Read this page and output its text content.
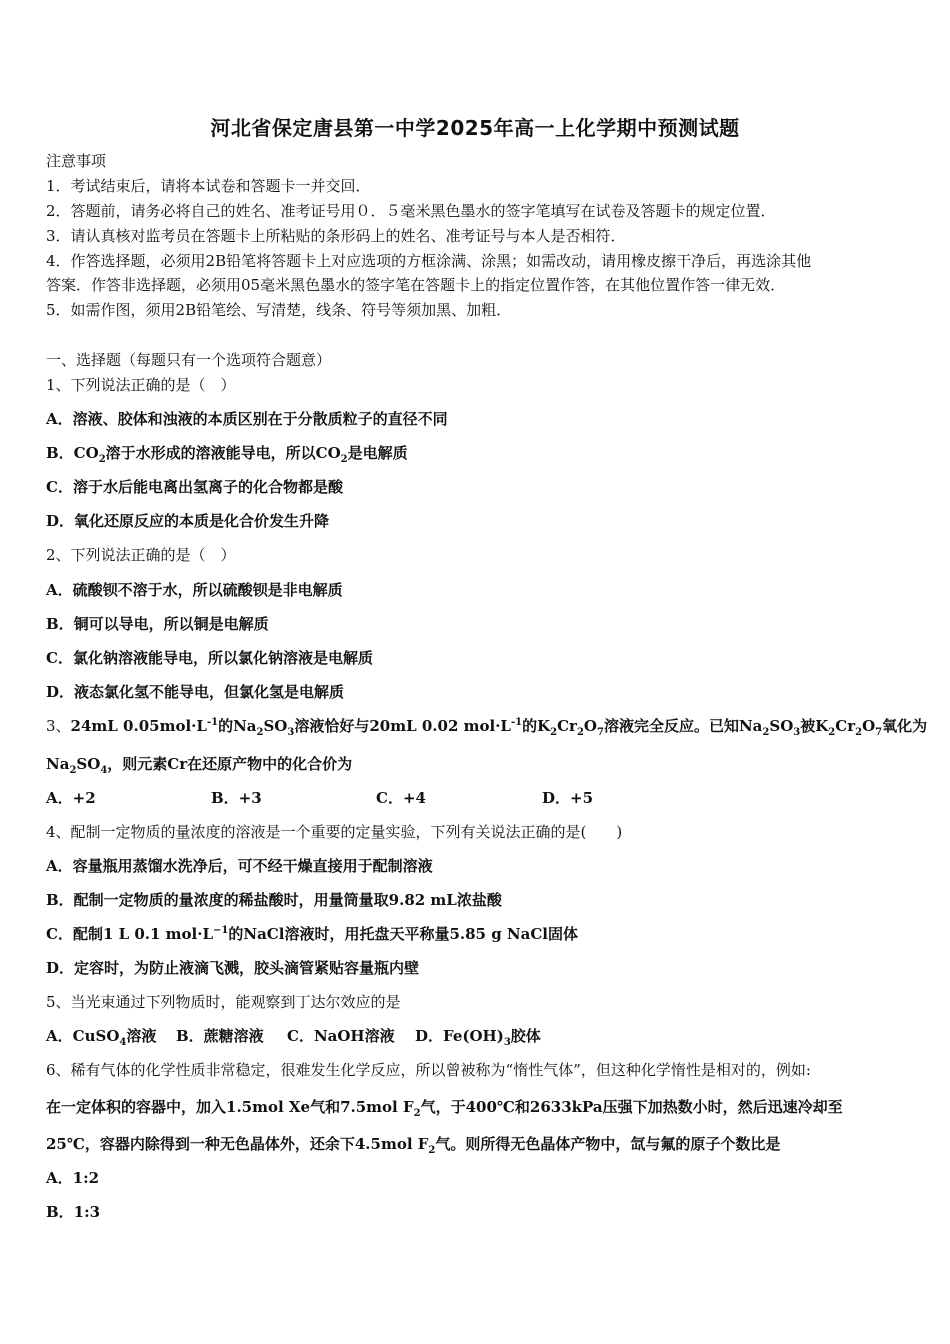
河北省保定唐县第一中学2025年高一上化学期中预测试题
注意事项
1．考试结束后，请将本试卷和答题卡一并交回．
2．答题前，请务必将自己的姓名、准考证号用０．５毫米黑色墨水的签字笔填写在试卷及答题卡的规定位置．
3．请认真核对监考员在答题卡上所粘贴的条形码上的姓名、准考证号与本人是否相符．
4．作答选择题，必须用2B铅笔将答题卡上对应选项的方框涂满、涂黑；如需改动，请用橡皮擦干净后，再选涂其他
答案．作答非选择题，必须用05毫米黑色墨水的签字笔在答题卡上的指定位置作答，在其他位置作答一律无效．
5．如需作图，须用2B铅笔绘、写清楚，线条、符号等须加黑、加粗．
一、选择题（每题只有一个选项符合题意）
1、下列说法正确的是（　）
A．溶液、胶体和浊液的本质区别在于分散质粒子的直径不同
B．$CO_2$溶于水形成的溶液能导电，所以$CO_2$是电解质
C．溶于水后能电离出氢离子的化合物都是酸
D．氧化还原反应的本质是化合价发生升降
2、下列说法正确的是（　）
A．硫酸钡不溶于水，所以硫酸钡是非电解质
B．铜可以导电，所以铜是电解质
C．氯化钠溶液能导电，所以氯化钠溶液是电解质
D．液态氯化氢不能导电，但氯化氢是电解质
3、24mL $0.05mol\cdot L^{-1}$的$Na_2SO_3$溶液恰好与20mL 0.02 $mol\cdot L^{-1}$的$K_2Cr_2O_7$溶液完全反应。已知$Na_2SO_3$被$K_2Cr_2O_7$氧化为
$Na_2SO_4$，则元素Cr在还原产物中的化合价为
A．+2	B．+3	C．+4	D．+5
4、配制一定物质的量浓度的溶液是一个重要的定量实验，下列有关说法正确的是(　　)
A．容量瓶用蒸馏水洗净后，可不经干燥直接用于配制溶液
B．配制一定物质的量浓度的稀盐酸时，用量筒量取9.82 mL浓盐酸
C．配制1 L 0.1 $mol\cdot L^{-1}$的NaCl溶液时，用托盘天平称量5.85 g NaCl固体
D．定容时，为防止液滴飞溅，胶头滴管紧贴容量瓶内壁
5、当光束通过下列物质时，能观察到丁达尔效应的是
A．CuSO$_4$溶液 B．蔗糖溶液 C．NaOH溶液 D．$Fe(OH)_3$胶体
6、稀有气体的化学性质非常稳定，很难发生化学反应，所以曾被称为“惰性气体”，但这种化学惰性是相对的，例如:
在一定体积的容器中，加入1.5mol Xe气和7.5mol $F_2$气，于400℃和2633kPa压强下加热数小时，然后迅速冷却至
25℃，容器内除得到一种无色晶体外，还余下4.5mol $F_2$气。则所得无色晶体产物中，氙与氟的原子个数比是
A．1:2
B．1:3
